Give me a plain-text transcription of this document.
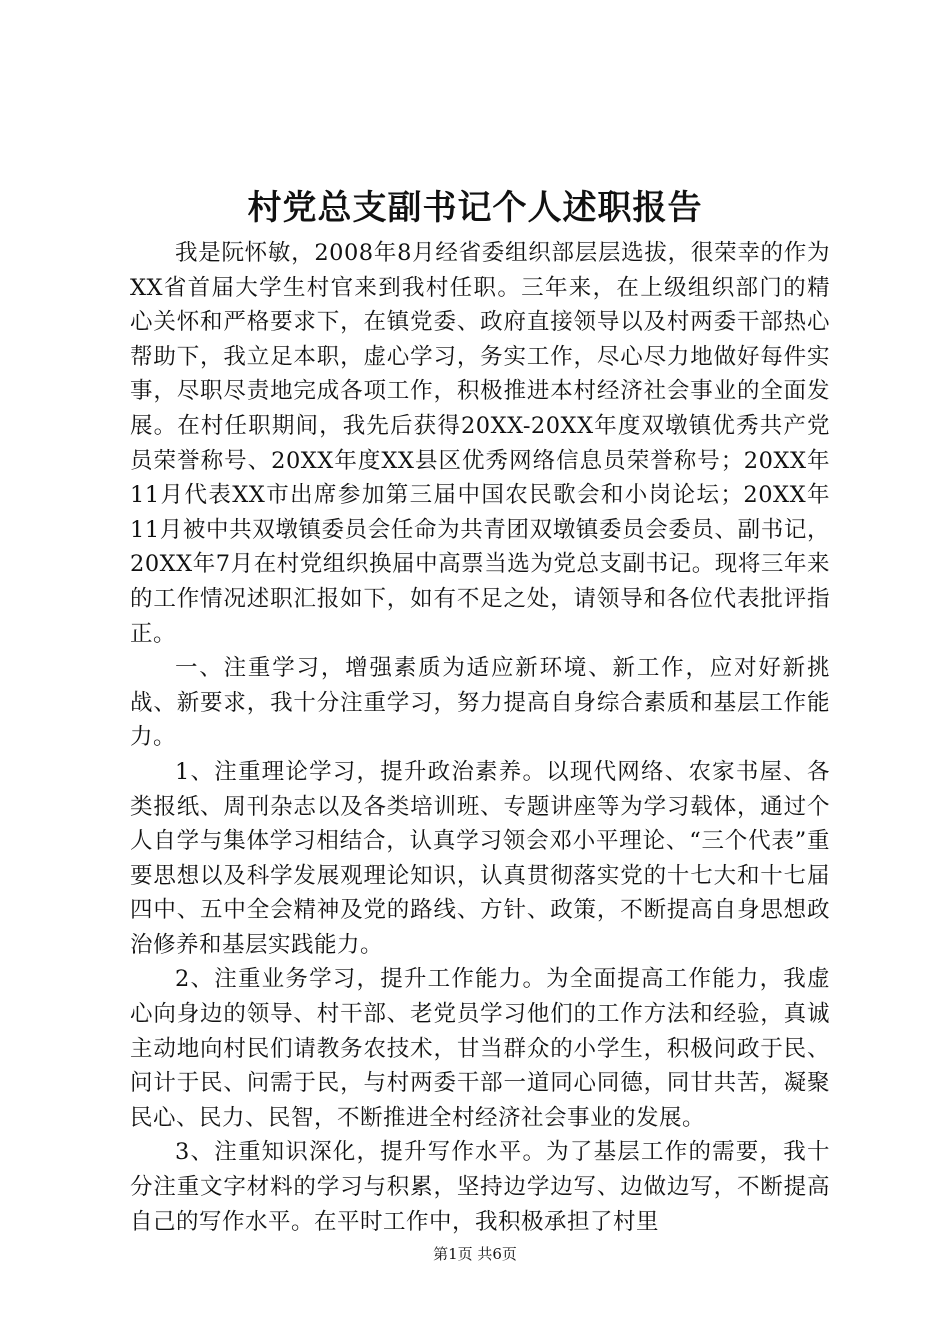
村党总支副书记个人述职报告

我是阮怀敏，2008年8月经省委组织部层层选拔，很荣幸的作为XX省首届大学生村官来到我村任职。三年来，在上级组织部门的精心关怀和严格要求下，在镇党委、政府直接领导以及村两委干部热心帮助下，我立足本职，虚心学习，务实工作，尽心尽力地做好每件实事，尽职尽责地完成各项工作，积极推进本村经济社会事业的全面发展。在村任职期间，我先后获得20XX-20XX年度双墩镇优秀共产党员荣誉称号、20XX年度XX县区优秀网络信息员荣誉称号；20XX年11月代表XX市出席参加第三届中国农民歌会和小岗论坛；20XX年11月被中共双墩镇委员会任命为共青团双墩镇委员会委员、副书记，20XX年7月在村党组织换届中高票当选为党总支副书记。现将三年来的工作情况述职汇报如下，如有不足之处，请领导和各位代表批评指正。

一、注重学习，增强素质为适应新环境、新工作，应对好新挑战、新要求，我十分注重学习，努力提高自身综合素质和基层工作能力。

1、注重理论学习，提升政治素养。以现代网络、农家书屋、各类报纸、周刊杂志以及各类培训班、专题讲座等为学习载体，通过个人自学与集体学习相结合，认真学习领会邓小平理论、“三个代表”重要思想以及科学发展观理论知识，认真贯彻落实党的十七大和十七届四中、五中全会精神及党的路线、方针、政策，不断提高自身思想政治修养和基层实践能力。

2、注重业务学习，提升工作能力。为全面提高工作能力，我虚心向身边的领导、村干部、老党员学习他们的工作方法和经验，真诚主动地向村民们请教务农技术，甘当群众的小学生，积极问政于民、问计于民、问需于民，与村两委干部一道同心同德，同甘共苦，凝聚民心、民力、民智，不断推进全村经济社会事业的发展。

3、注重知识深化，提升写作水平。为了基层工作的需要，我十分注重文字材料的学习与积累，坚持边学边写、边做边写，不断提高自己的写作水平。在平时工作中，我积极承担了村里

第1页 共6页
